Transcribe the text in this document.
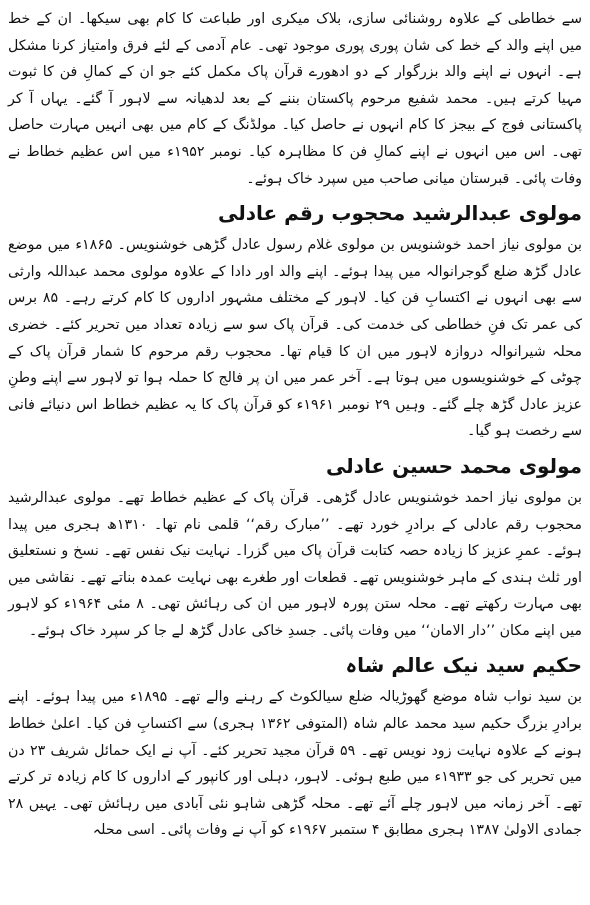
سے خطاطی کے علاوہ روشنائی سازی، بلاک میکری اور طباعت کا کام بھی سیکھا۔ ان کے خط میں اپنے والد کے خط کی شان پوری پوری موجود تھی۔ عام آدمی کے لئے فرق وامتیاز کرنا مشکل ہے۔ انہوں نے اپنے والد بزرگوار کے دو ادھورے قرآن پاک مکمل کئے جو ان کے کمالِ فن کا ثبوت مہیا کرتے ہیں۔ محمد شفیع مرحوم پاکستان بننے کے بعد لدھیانہ سے لاہور آ گئے۔ یہاں آ کر پاکستانی فوج کے بیجز کا کام انہوں نے حاصل کیا۔ مولڈنگ کے کام میں بھی انہیں مہارت حاصل تھی۔ اس میں انہوں نے اپنے کمالِ فن کا مظاہرہ کیا۔ نومبر ۱۹۵۲ء میں اس عظیم خطاط نے وفات پائی۔ قبرستان میانی صاحب میں سپرد خاک ہوئے۔

مولوی عبدالرشید محجوب رقم عادلی

بن مولوی نیاز احمد خوشنویس بن مولوی غلام رسول عادل گڑھی خوشنویس۔ ۱۸۶۵ء میں موضع عادل گڑھ ضلع گوجرانوالہ میں پیدا ہوئے۔ اپنے والد اور دادا کے علاوہ مولوی محمد عبداللہ وارثی سے بھی انہوں نے اکتسابِ فن کیا۔ لاہور کے مختلف مشہور اداروں کا کام کرتے رہے۔ ۸۵ برس کی عمر تک فنِ خطاطی کی خدمت کی۔ قرآن پاک سو سے زیادہ تعداد میں تحریر کئے۔ خضری محلہ شیرانوالہ دروازہ لاہور میں ان کا قیام تھا۔ محجوب رقم مرحوم کا شمار قرآن پاک کے چوٹی کے خوشنویسوں میں ہوتا ہے۔ آخر عمر میں ان پر فالج کا حملہ ہوا تو لاہور سے اپنے وطنِ عزیز عادل گڑھ چلے گئے۔ وہیں ۲۹ نومبر ۱۹۶۱ء کو قرآن پاک کا یہ عظیم خطاط اس دنیائے فانی سے رخصت ہو گیا۔

مولوی محمد حسین عادلی

بن مولوی نیاز احمد خوشنویس عادل گڑھی۔ قرآن پاک کے عظیم خطاط تھے۔ مولوی عبدالرشید محجوب رقم عادلی کے برادرِ خورد تھے۔ ’’مبارک رقم‘‘ قلمی نام تھا۔ ۱۳۱۰ھ ہجری میں پیدا ہوئے۔ عمرِ عزیز کا زیادہ حصہ کتابت قرآن پاک میں گزرا۔ نہایت نیک نفس تھے۔ نسخ و نستعلیق اور ثلث ہندی کے ماہر خوشنویس تھے۔ قطعات اور طغرے بھی نہایت عمدہ بناتے تھے۔ نقاشی میں بھی مہارت رکھتے تھے۔ محلہ ستن پورہ لاہور میں ان کی رہائش تھی۔ ۸ مئی ۱۹۶۴ء کو لاہور میں اپنے مکان ’’دار الامان‘‘ میں وفات پائی۔ جسدِ خاکی عادل گڑھ لے جا کر سپرد خاک ہوئے۔

حکیم سید نیک عالم شاہ

بن سید نواب شاہ موضع گھوڑیالہ ضلع سیالکوٹ کے رہنے والے تھے۔ ۱۸۹۵ء میں پیدا ہوئے۔ اپنے برادرِ بزرگ حکیم سید محمد عالم شاہ (المتوفی ۱۳۶۲ ہجری) سے اکتسابِ فن کیا۔ اعلیٰ خطاط ہونے کے علاوہ نہایت زود نویس تھے۔ ۵۹ قرآن مجید تحریر کئے۔ آپ نے ایک حمائل شریف ۲۳ دن میں تحریر کی جو ۱۹۳۳ء میں طبع ہوئی۔ لاہور، دہلی اور کانپور کے اداروں کا کام زیادہ تر کرتے تھے۔ آخر زمانہ میں لاہور چلے آئے تھے۔ محلہ گڑھی شاہو نئی آبادی میں رہائش تھی۔ یہیں ۲۸ جمادی الاولیٰ ۱۳۸۷ ہجری مطابق ۴ ستمبر ۱۹۶۷ء کو آپ نے وفات پائی۔ اسی محلہ
